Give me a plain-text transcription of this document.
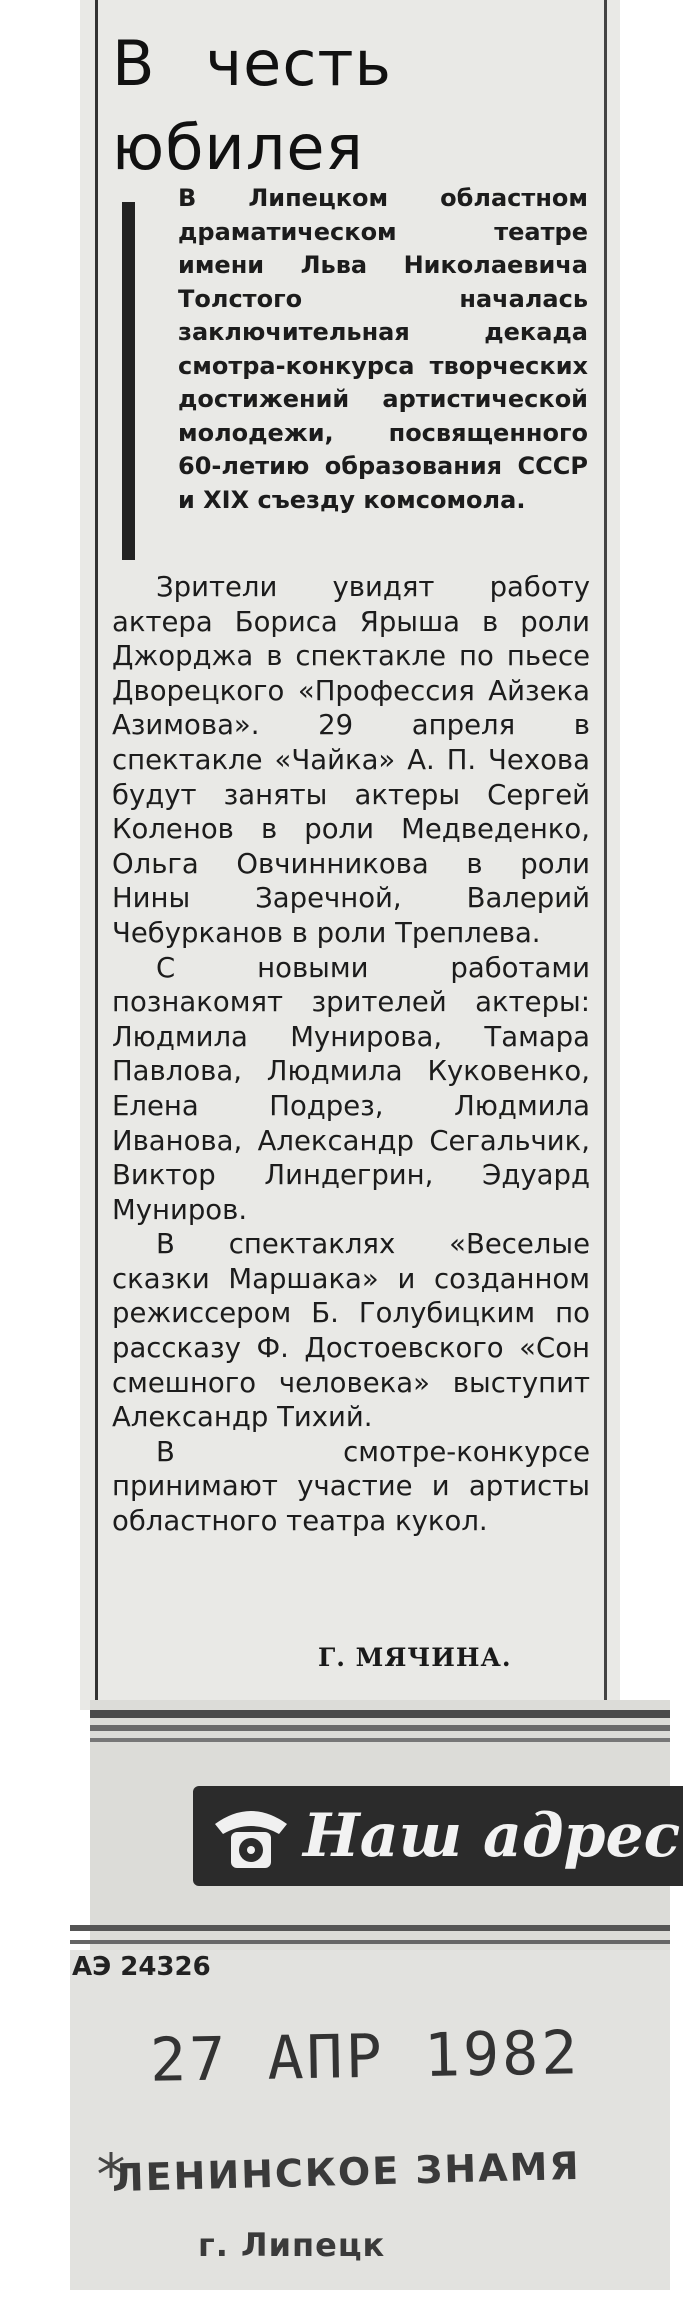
В честь
юбилея
В Липецком областном драматическом театре имени Льва Николаевича Толстого началась заключительная декада смотра-конкурса творческих достижений артистической молодежи, посвященного 60-летию образования СССР и XIX съезду комсомола.

Зрители увидят работу актера Бориса Ярыша в роли Джорджа в спектакле по пьесе Дворецкого «Профессия Айзека Азимова». 29 апреля в спектакле «Чайка» А. П. Чехова будут заняты актеры Сергей Коленов в роли Медведенко, Ольга Овчинникова в роли Нины Заречной, Валерий Чебурканов в роли Треплева.

С новыми работами познакомят зрителей актеры: Людмила Мунирова, Тамара Павлова, Людмила Куковенко, Елена Подрез, Людмила Иванова, Александр Сегальчик, Виктор Линдегрин, Эдуард Муниров.

В спектаклях «Веселые сказки Маршака» и созданном режиссером Б. Голубицким по рассказу Ф. Достоевского «Сон смешного человека» выступит Александр Тихий.

В смотре-конкурсе принимают участие и артисты областного театра кукол.

Г. МЯЧИНА.
Наш адрес
АЭ 24326
27 АПР 1982
ЛЕНИНСКОЕ ЗНАМЯ
г. Липецк
